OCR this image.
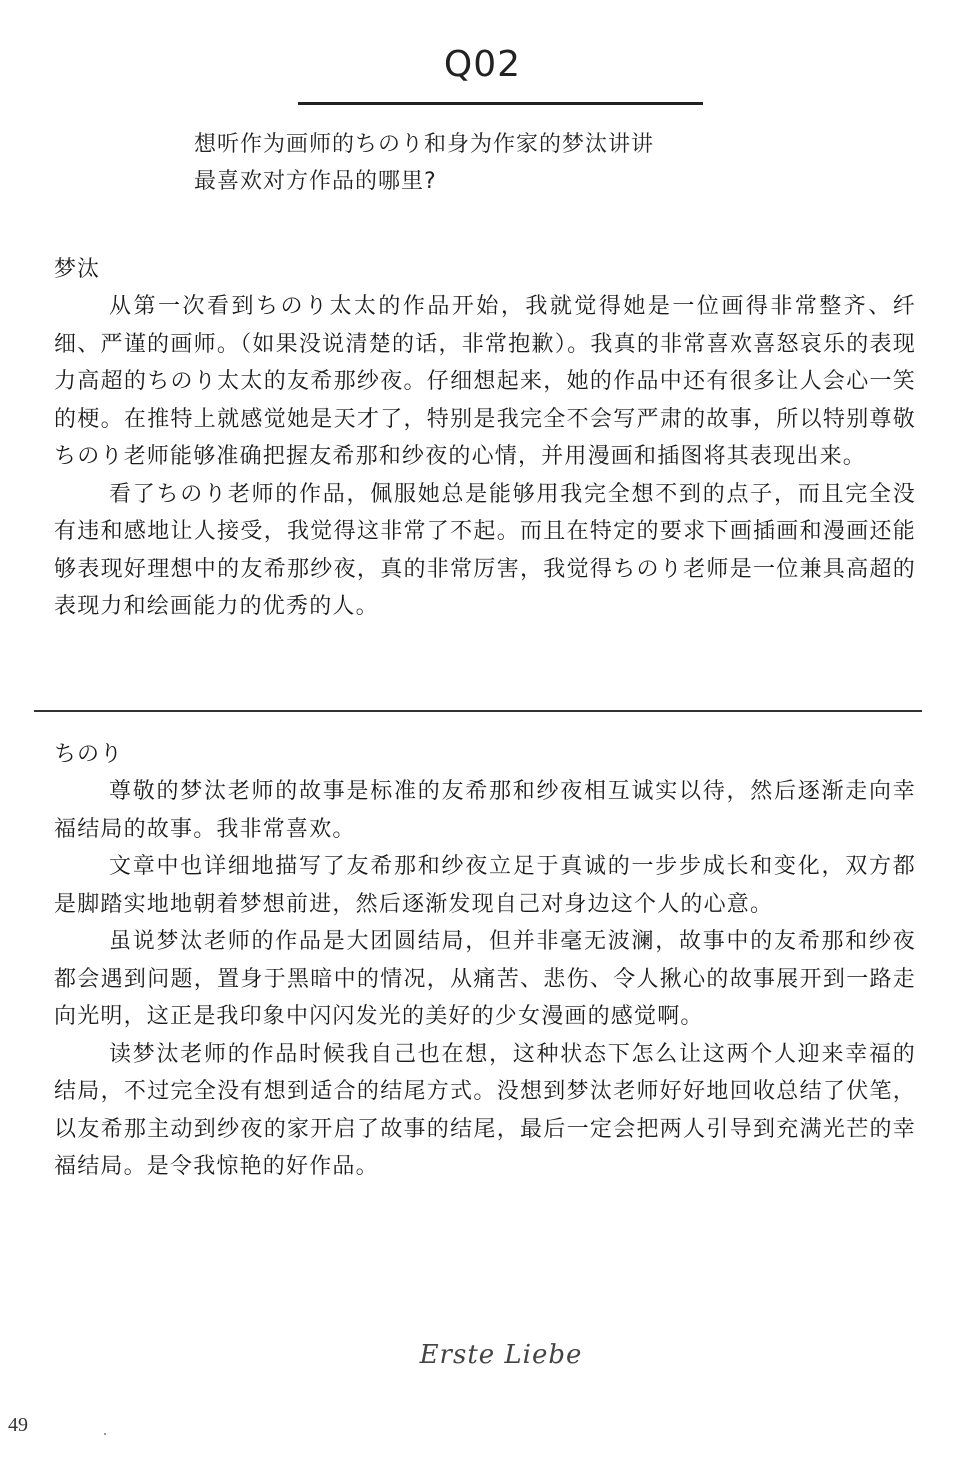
Q02
想听作为画师的ちのり和身为作家的梦汰讲讲
最喜欢对方作品的哪里?
梦汰

从第一次看到ちのり太太的作品开始，我就觉得她是一位画得非常整齐、纤细、严谨的画师。（如果没说清楚的话，非常抱歉）。我真的非常喜欢喜怒哀乐的表现力高超的ちのり太太的友希那纱夜。仔细想起来，她的作品中还有很多让人会心一笑的梗。在推特上就感觉她是天才了，特别是我完全不会写严肃的故事，所以特别尊敬ちのり老师能够准确把握友希那和纱夜的心情，并用漫画和插图将其表现出来。

看了ちのり老师的作品，佩服她总是能够用我完全想不到的点子，而且完全没有违和感地让人接受，我觉得这非常了不起。而且在特定的要求下画插画和漫画还能够表现好理想中的友希那纱夜，真的非常厉害，我觉得ちのり老师是一位兼具高超的表现力和绘画能力的优秀的人。

ちのり

尊敬的梦汰老师的故事是标准的友希那和纱夜相互诚实以待，然后逐渐走向幸福结局的故事。我非常喜欢。

文章中也详细地描写了友希那和纱夜立足于真诚的一步步成长和变化，双方都是脚踏实地地朝着梦想前进，然后逐渐发现自己对身边这个人的心意。

虽说梦汰老师的作品是大团圆结局，但并非毫无波澜，故事中的友希那和纱夜都会遇到问题，置身于黑暗中的情况，从痛苦、悲伤、令人揪心的故事展开到一路走向光明，这正是我印象中闪闪发光的美好的少女漫画的感觉啊。

读梦汰老师的作品时候我自己也在想，这种状态下怎么让这两个人迎来幸福的结局，不过完全没有想到适合的结尾方式。没想到梦汰老师好好地回收总结了伏笔，以友希那主动到纱夜的家开启了故事的结尾，最后一定会把两人引导到充满光芒的幸福结局。是令我惊艳的好作品。

Erste Liebe
49
